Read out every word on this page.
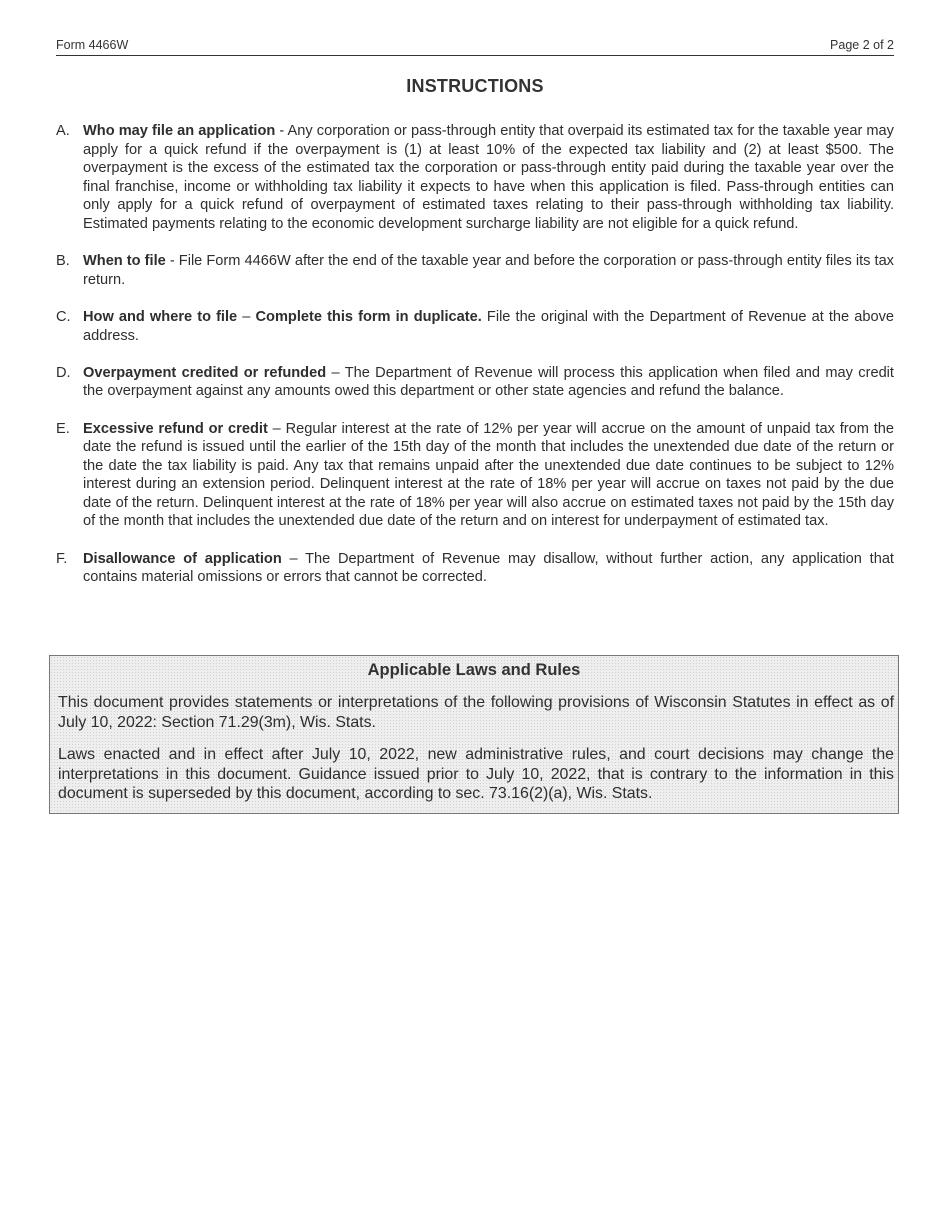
Form 4466W	Page 2 of 2
INSTRUCTIONS
A. Who may file an application - Any corporation or pass-through entity that overpaid its estimated tax for the taxable year may apply for a quick refund if the overpayment is (1) at least 10% of the expected tax liability and (2) at least $500. The overpayment is the excess of the estimated tax the corporation or pass-through entity paid during the taxable year over the final franchise, income or withholding tax liability it expects to have when this application is filed. Pass-through entities can only apply for a quick refund of overpayment of estimated taxes relating to their pass-through withholding tax liability. Estimated payments relating to the economic development surcharge liability are not eligible for a quick refund.
B. When to file - File Form 4466W after the end of the taxable year and before the corporation or pass-through entity files its tax return.
C. How and where to file – Complete this form in duplicate. File the original with the Department of Revenue at the above address.
D. Overpayment credited or refunded – The Department of Revenue will process this application when filed and may credit the overpayment against any amounts owed this department or other state agencies and refund the balance.
E. Excessive refund or credit – Regular interest at the rate of 12% per year will accrue on the amount of unpaid tax from the date the refund is issued until the earlier of the 15th day of the month that includes the unextended due date of the return or the date the tax liability is paid. Any tax that remains unpaid after the unextended due date continues to be subject to 12% interest during an extension period. Delinquent interest at the rate of 18% per year will accrue on taxes not paid by the due date of the return. Delinquent interest at the rate of 18% per year will also accrue on estimated taxes not paid by the 15th day of the month that includes the unextended due date of the return and on interest for underpayment of estimated tax.
F. Disallowance of application – The Department of Revenue may disallow, without further action, any application that contains material omissions or errors that cannot be corrected.
Applicable Laws and Rules
This document provides statements or interpretations of the following provisions of Wisconsin Statutes in effect as of July 10, 2022: Section 71.29(3m), Wis. Stats.
Laws enacted and in effect after July 10, 2022, new administrative rules, and court decisions may change the interpretations in this document. Guidance issued prior to July 10, 2022, that is contrary to the information in this document is superseded by this document, according to sec. 73.16(2)(a), Wis. Stats.
